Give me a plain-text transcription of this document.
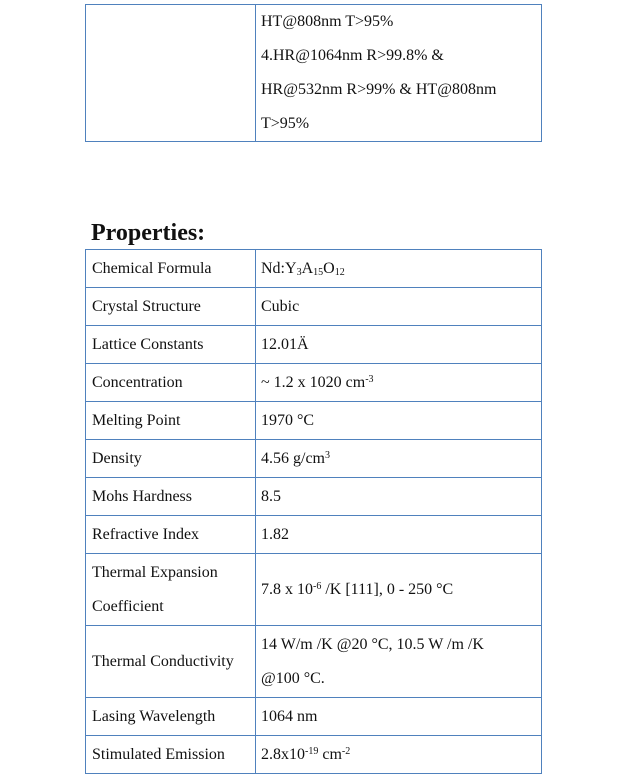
HT@808nm T>95%
4.HR@1064nm R>99.8% &
HR@532nm R>99% & HT@808nm
T>95%
Properties:
Chemical Formula	$Nd:Y_3A_{15}O_{12}$
Crystal Structure	Cubic
Lattice Constants	12.01Ä
Concentration	~ 1.2 x 1020 $cm^{-3}$
Melting Point	1970 °C
Density	4.56 $g/cm^3$
Mohs Hardness	8.5
Refractive Index	1.82

Thermal Expansion
Coefficient	7.8 x $10^{-6}$ /K [111], 0 - 250 °C
Thermal Conductivity	14 W/m /K @20 °C, 10.5 W /m /K
@100 °C.

Lasing Wavelength	1064 nm
Stimulated Emission	$2.8x10^{-19}$ $cm^{-2}$
